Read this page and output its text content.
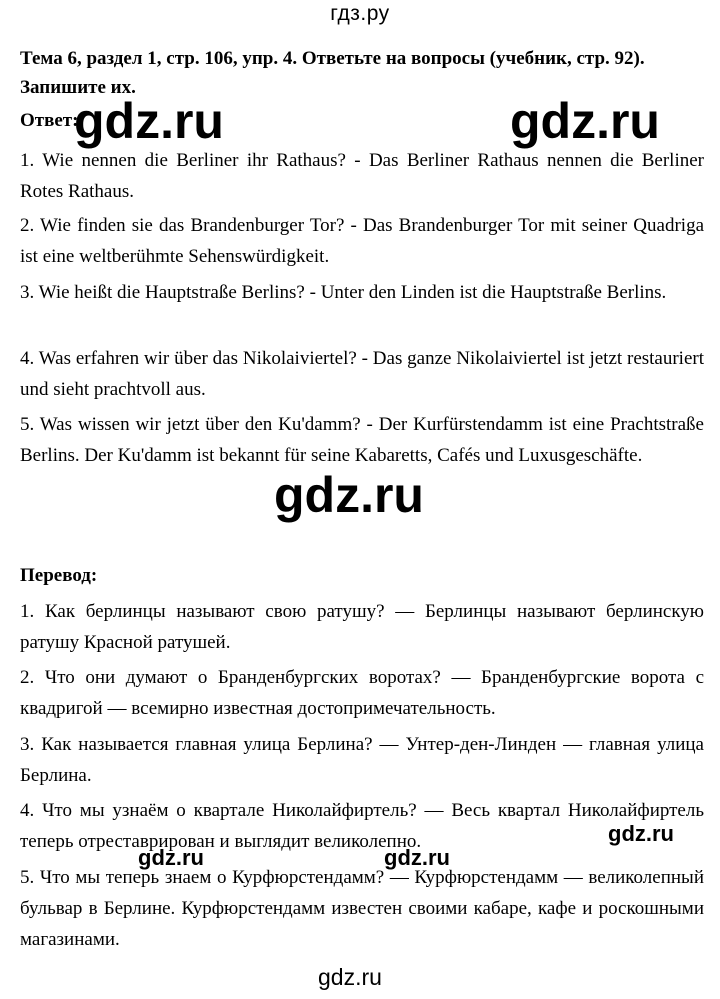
гдз.ру
Тема 6, раздел 1, стр. 106, упр. 4. Ответьте на вопросы (учебник, стр. 92). Запишите их.
Ответ:
1. Wie nennen die Berliner ihr Rathaus? - Das Berliner Rathaus nennen die Berliner Rotes Rathaus.
2. Wie finden sie das Brandenburger Tor? - Das Brandenburger Tor mit seiner Quadriga ist eine weltberühmte Sehenswürdigkeit.
3. Wie heißt die Hauptstraße Berlins? - Unter den Linden ist die Hauptstraße Berlins.
4. Was erfahren wir über das Nikolaiviertel? - Das ganze Nikolaiviertel ist jetzt restauriert und sieht prachtvoll aus.
5. Was wissen wir jetzt über den Ku'damm? - Der Kurfürstendamm ist eine Prachtstraße Berlins. Der Ku'damm ist bekannt für seine Kabaretts, Cafés und Luxusgeschäfte.
Перевод:
1. Как берлинцы называют свою ратушу? — Берлинцы называют берлинскую ратушу Красной ратушей.
2. Что они думают о Бранденбургских воротах? — Бранденбургские ворота с квадригой — всемирно известная достопримечательность.
3. Как называется главная улица Берлина? — Унтер-ден-Линден — главная улица Берлина.
4. Что мы узнаём о квартале Николайфиртель? — Весь квартал Николайфиртель теперь отреставрирован и выглядит великолепно.
5. Что мы теперь знаем о Курфюрстендамм? — Курфюрстендамм — великолепный бульвар в Берлине. Курфюрстендамм известен своими кабаре, кафе и роскошными магазинами.
gdz.ru	gdz.ru
gdz.ru
gdz.ru
gdz.ru	gdz.ru
gdz.ru
